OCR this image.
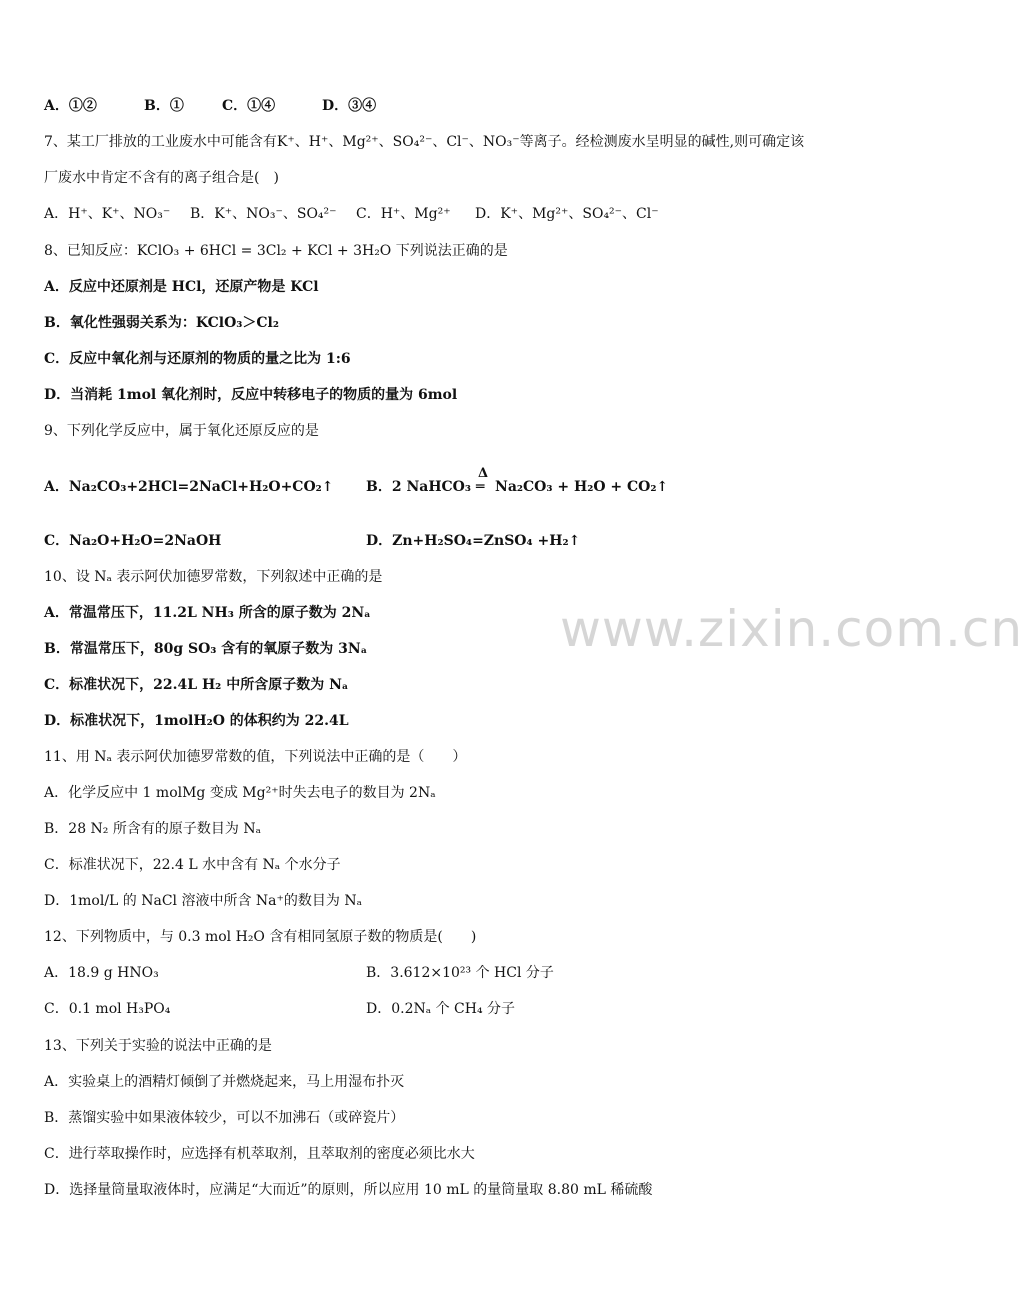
www.zixin.com.cn
A．①②	B．①	C．①④	D．③④
7、某工厂排放的工业废水中可能含有K⁺、H⁺、Mg²⁺、SO₄²⁻、Cl⁻、NO₃⁻等离子。经检测废水呈明显的碱性,则可确定该
厂废水中肯定不含有的离子组合是(　)
A．H⁺、K⁺、NO₃⁻ B．K⁺、NO₃⁻、SO₄²⁻ C．H⁺、Mg²⁺ D．K⁺、Mg²⁺、SO₄²⁻、Cl⁻
8、已知反应：KClO₃ + 6HCl = 3Cl₂ + KCl + 3H₂O 下列说法正确的是
A．反应中还原剂是 HCl，还原产物是 KCl
B．氧化性强弱关系为：KClO₃＞Cl₂
C．反应中氧化剂与还原剂的物质的量之比为 1:6
D．当消耗 1mol 氧化剂时，反应中转移电子的物质的量为 6mol
9、下列化学反应中，属于氧化还原反应的是
A．Na₂CO₃+2HCl=2NaCl+H₂O+CO₂↑ B．2 NaHCO₃
Δ
═ Na₂CO₃ + H₂O + CO₂↑
C．Na₂O+H₂O=2NaOH	D．Zn+H₂SO₄=ZnSO₄ +H₂↑
10、设 Nₐ 表示阿伏加德罗常数，下列叙述中正确的是
A．常温常压下，11.2L NH₃ 所含的原子数为 2Nₐ
B．常温常压下，80g SO₃ 含有的氧原子数为 3Nₐ
C．标准状况下，22.4L H₂ 中所含原子数为 Nₐ
D．标准状况下，1molH₂O 的体积约为 22.4L
11、用 Nₐ 表示阿伏加德罗常数的值，下列说法中正确的是（　　）
A．化学反应中 1 molMg 变成 Mg²⁺时失去电子的数目为 2Nₐ
B．28 N₂ 所含有的原子数目为 Nₐ
C．标准状况下，22.4 L 水中含有 Nₐ 个水分子
D．1mol/L 的 NaCl 溶液中所含 Na⁺的数目为 Nₐ
12、下列物质中，与 0.3 mol H₂O 含有相同氢原子数的物质是(　　)
A．18.9 g HNO₃	B．3.612×10²³ 个 HCl 分子
C．0.1 mol H₃PO₄	D．0.2Nₐ 个 CH₄ 分子
13、下列关于实验的说法中正确的是
A．实验桌上的酒精灯倾倒了并燃烧起来，马上用湿布扑灭
B．蒸馏实验中如果液体较少，可以不加沸石（或碎瓷片）
C．进行萃取操作时，应选择有机萃取剂，且萃取剂的密度必须比水大
D．选择量筒量取液体时，应满足“大而近”的原则，所以应用 10 mL 的量筒量取 8.80 mL 稀硫酸
